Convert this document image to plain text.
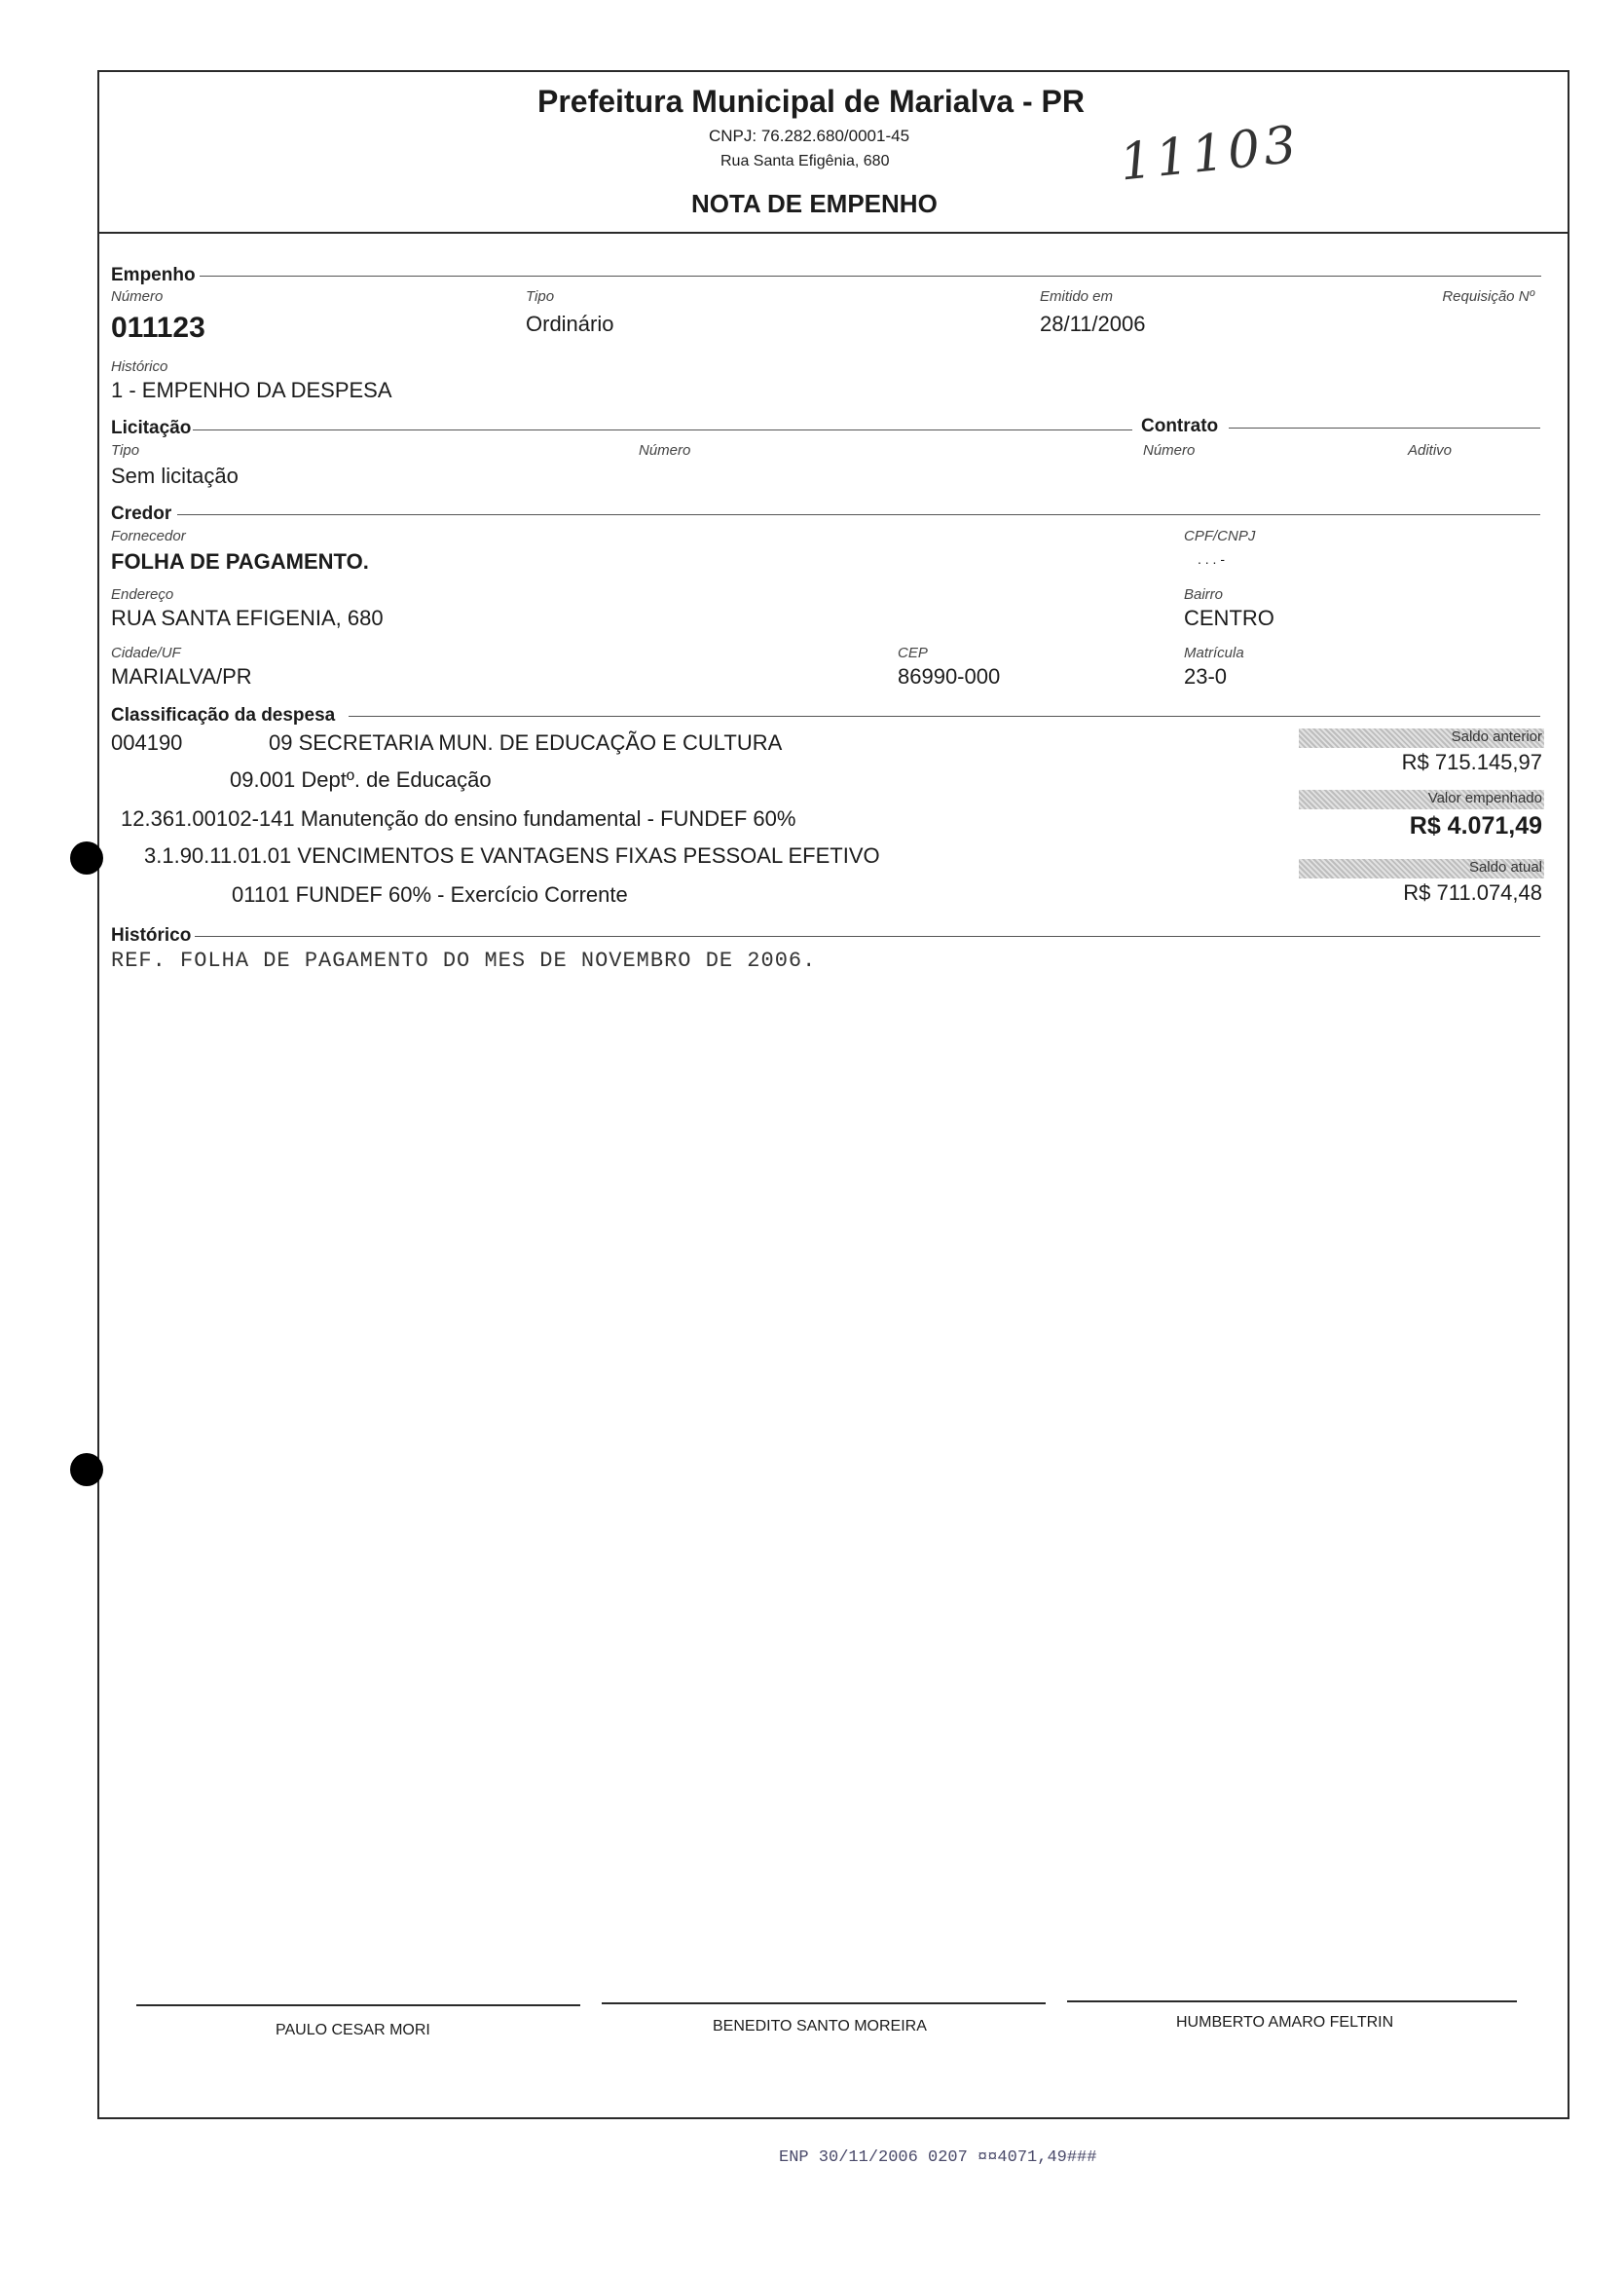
Prefeitura Municipal de Marialva - PR
CNPJ: 76.282.680/0001-45
Rua Santa Efigênia, 680
NOTA DE EMPENHO
11103
Empenho
Número
011123
Tipo
Ordinário
Emitido em
28/11/2006
Requisição Nº
Histórico
1 - EMPENHO DA DESPESA
Licitação	Contrato
Tipo
Sem licitação
Número	Número	Aditivo
Credor
Fornecedor
FOLHA DE PAGAMENTO.
CPF/CNPJ
. . . -
Endereço
RUA SANTA EFIGENIA, 680
Bairro
CENTRO
Cidade/UF
MARIALVA/PR
CEP
86990-000
Matrícula
23-0
Classificação da despesa
004190	09 SECRETARIA MUN. DE EDUCAÇÃO E CULTURA
09.001 Deptº. de Educação
12.361.00102-141 Manutenção do ensino fundamental - FUNDEF 60%
3.1.90.11.01.01 VENCIMENTOS E VANTAGENS FIXAS PESSOAL EFETIVO
01101 FUNDEF 60% - Exercício Corrente
Saldo anterior
R$ 715.145,97
Valor empenhado
R$ 4.071,49
Saldo atual
R$ 711.074,48
Histórico
REF. FOLHA DE PAGAMENTO DO MES DE NOVEMBRO DE 2006.
PAULO CESAR MORI	BENEDITO SANTO MOREIRA	HUMBERTO AMARO FELTRIN
ENP 30/11/2006 0207 ¤¤4071,49###
